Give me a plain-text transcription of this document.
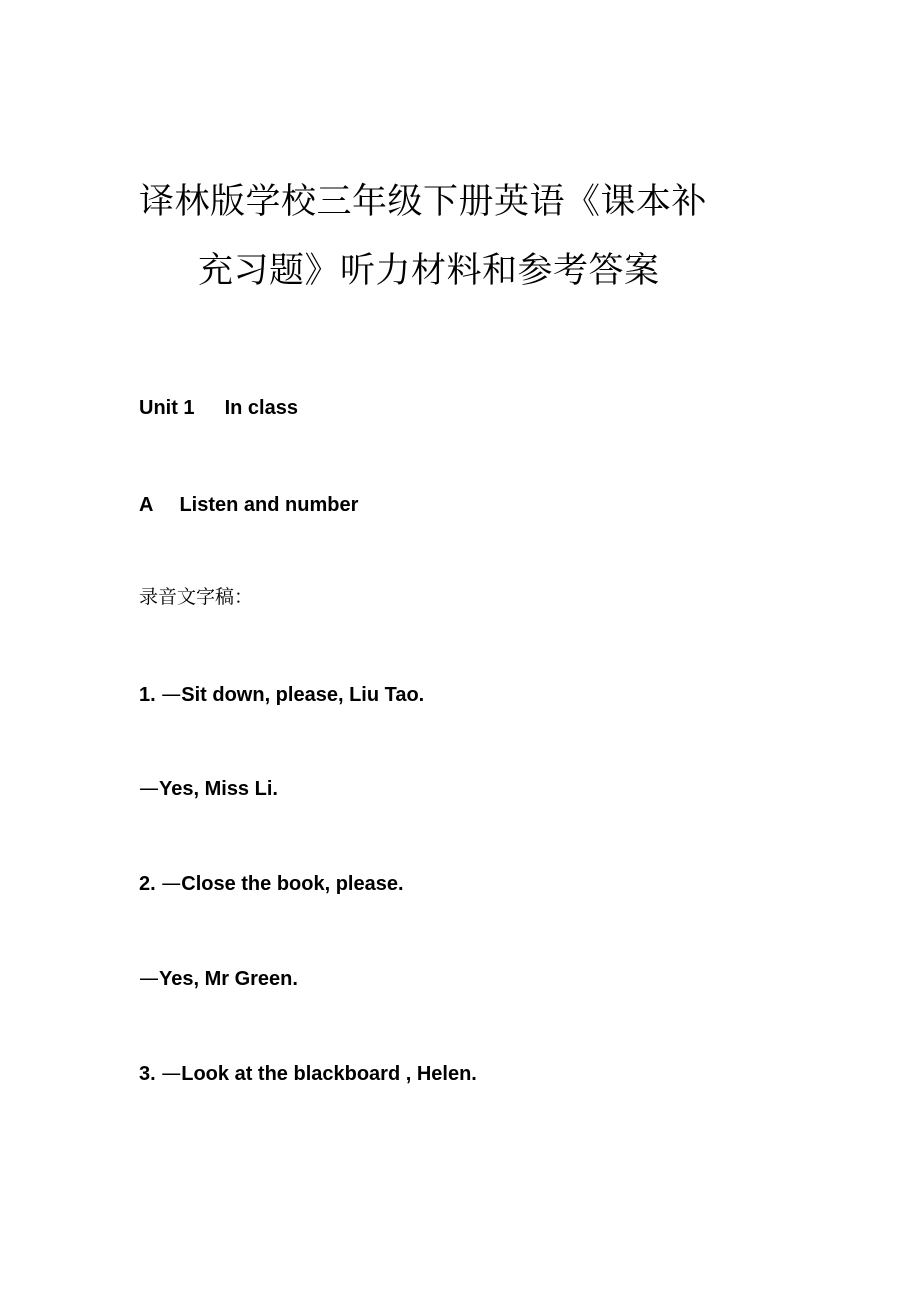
译林版学校三年级下册英语《课本补
充习题》听力材料和参考答案
Unit 1 In class
A Listen and number
录音文字稿：
1. —Sit down, please, Liu Tao.
—Yes, Miss Li.
2. —Close the book, please.
—Yes, Mr Green.
3. —Look at the blackboard , Helen.
